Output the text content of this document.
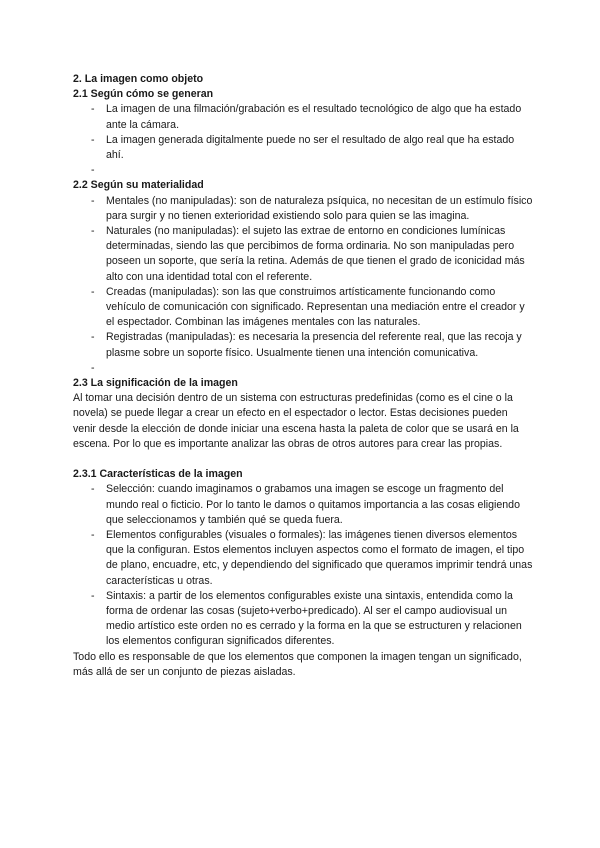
2. La imagen como objeto
2.1 Según cómo se generan
- La imagen de una filmación/grabación es el resultado tecnológico de algo que ha estado ante la cámara.
- La imagen generada digitalmente puede no ser el resultado de algo real que ha estado ahí.
-
2.2 Según su materialidad
- Mentales (no manipuladas): son de naturaleza psíquica, no necesitan de un estímulo físico para surgir y no tienen exterioridad existiendo solo para quien se las imagina.
- Naturales (no manipuladas): el sujeto las extrae de entorno en condiciones lumínicas determinadas, siendo las que percibimos de forma ordinaria. No son manipuladas pero poseen un soporte, que sería la retina. Además de que tienen el grado de iconicidad más alto con una identidad total con el referente.
- Creadas (manipuladas): son las que construimos artísticamente funcionando como vehículo de comunicación con significado. Representan una mediación entre el creador y el espectador. Combinan las imágenes mentales con las naturales.
- Registradas (manipuladas): es necesaria la presencia del referente real, que las recoja y plasme sobre un soporte físico. Usualmente tienen una intención comunicativa.
-
2.3 La significación de la imagen

Al tomar una decisión dentro de un sistema con estructuras predefinidas (como es el cine o la novela) se puede llegar a crear un efecto en el espectador o lector. Estas decisiones pueden venir desde la elección de donde iniciar una escena hasta la paleta de color que se usará en la escena. Por lo que es importante analizar las obras de otros autores para crear las propias.

2.3.1 Características de la imagen
- Selección: cuando imaginamos o grabamos una imagen se escoge un fragmento del mundo real o ficticio. Por lo tanto le damos o quitamos importancia a las cosas eligiendo que seleccionamos y también qué se queda fuera.
- Elementos configurables (visuales o formales): las imágenes tienen diversos elementos que la configuran. Estos elementos incluyen aspectos como el formato de imagen, el tipo de plano, encuadre, etc, y dependiendo del significado que queramos imprimir tendrá unas características u otras.
- Sintaxis: a partir de los elementos configurables existe una sintaxis, entendida como la forma de ordenar las cosas (sujeto+verbo+predicado). Al ser el campo audiovisual un medio artístico este orden no es cerrado y la forma en la que se estructuren y relacionen los elementos configuran significados diferentes.

Todo ello es responsable de que los elementos que componen la imagen tengan un significado, más allá de ser un conjunto de piezas aisladas.
